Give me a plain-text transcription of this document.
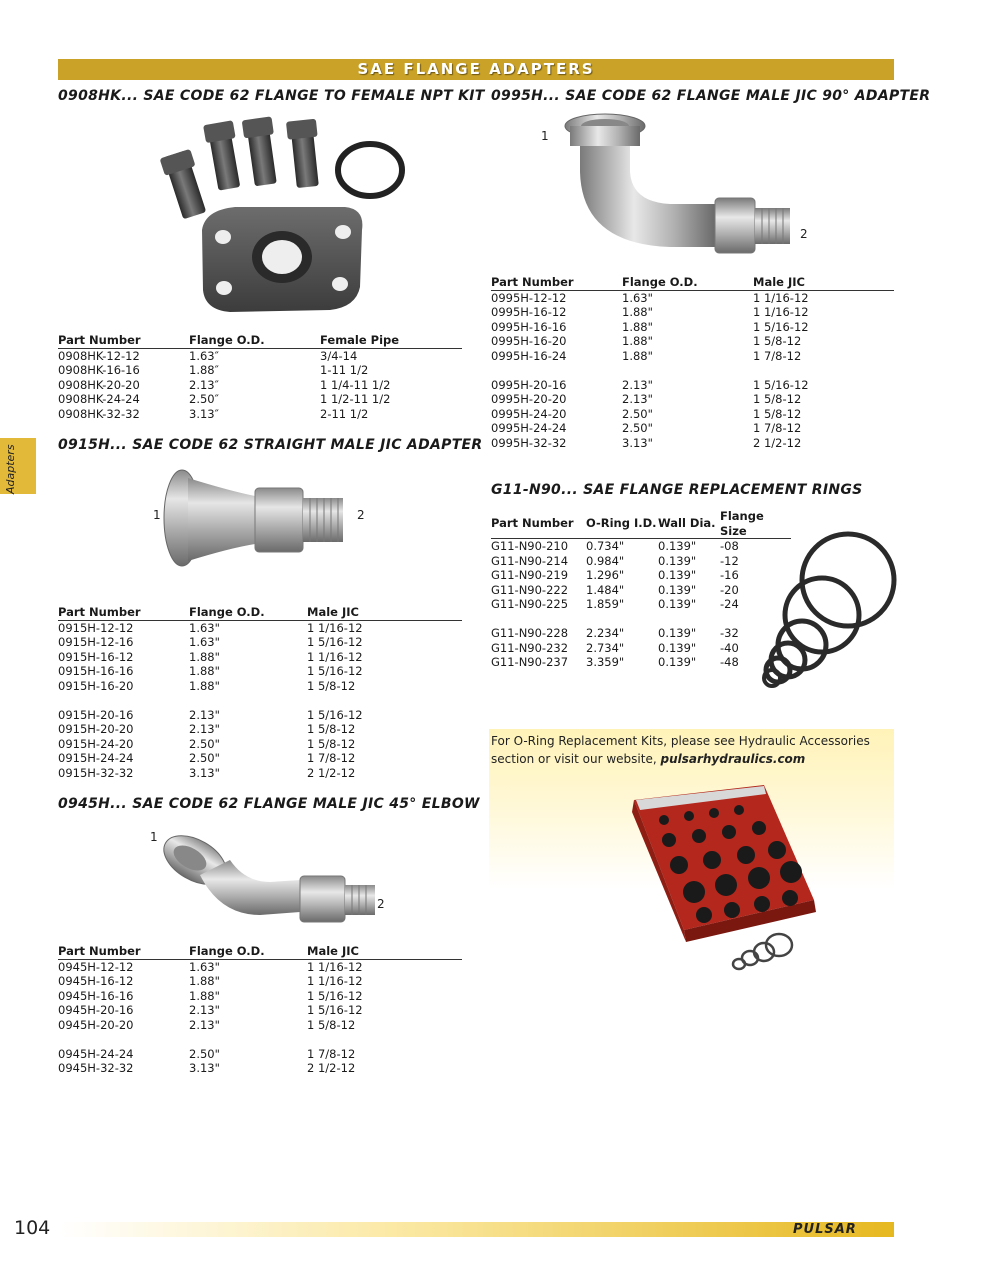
SAE FLANGE ADAPTERS
Adapters
0908HK... SAE CODE 62 FLANGE TO FEMALE NPT KIT
Part Number	Flange O.D.	Female Pipe
0908HK-12-12	1.63″	3/4-14
0908HK-16-16	1.88″	1-11 1/2
0908HK-20-20	2.13″	1 1/4-11 1/2
0908HK-24-24	2.50″	1 1/2-11 1/2
0908HK-32-32	3.13″	2-11 1/2
0915H... SAE CODE 62 STRAIGHT MALE JIC ADAPTER
1	2
Part Number	Flange O.D.	Male JIC
0915H-12-12	1.63"	1 1/16-12
0915H-12-16	1.63"	1 5/16-12
0915H-16-12	1.88"	1 1/16-12
0915H-16-16	1.88"	1 5/16-12
0915H-16-20	1.88"	1 5/8-12

0915H-20-16	2.13"	1 5/16-12
0915H-20-20	2.13"	1 5/8-12
0915H-24-20	2.50"	1 5/8-12
0915H-24-24	2.50"	1 7/8-12
0915H-32-32	3.13"	2 1/2-12
0945H... SAE CODE 62 FLANGE MALE JIC 45° ELBOW
1
2
Part Number	Flange O.D.	Male JIC
0945H-12-12	1.63"	1 1/16-12
0945H-16-12	1.88"	1 1/16-12
0945H-16-16	1.88"	1 5/16-12
0945H-20-16	2.13"	1 5/16-12
0945H-20-20	2.13"	1 5/8-12

0945H-24-24	2.50"	1 7/8-12
0945H-32-32	3.13"	2 1/2-12
0995H... SAE CODE 62 FLANGE MALE JIC 90° ADAPTER
1
2
Part Number	Flange O.D.	Male JIC
0995H-12-12	1.63"	1 1/16-12
0995H-16-12	1.88"	1 1/16-12
0995H-16-16	1.88"	1 5/16-12
0995H-16-20	1.88"	1 5/8-12
0995H-16-24	1.88"	1 7/8-12

0995H-20-16	2.13"	1 5/16-12
0995H-20-20	2.13"	1 5/8-12
0995H-24-20	2.50"	1 5/8-12
0995H-24-24	2.50"	1 7/8-12
0995H-32-32	3.13"	2 1/2-12
G11-N90... SAE FLANGE REPLACEMENT RINGS
Part Number	O-Ring I.D.	Wall Dia.	Flange Size
G11-N90-210	0.734"	0.139"	-08
G11-N90-214	0.984"	0.139"	-12
G11-N90-219	1.296"	0.139"	-16
G11-N90-222	1.484"	0.139"	-20
G11-N90-225	1.859"	0.139"	-24

G11-N90-228	2.234"	0.139"	-32
G11-N90-232	2.734"	0.139"	-40
G11-N90-237	3.359"	0.139"	-48
For O-Ring Replacement Kits, please see Hydraulic Accessories section or visit our website, pulsarhydraulics.com
104	PULSAR
